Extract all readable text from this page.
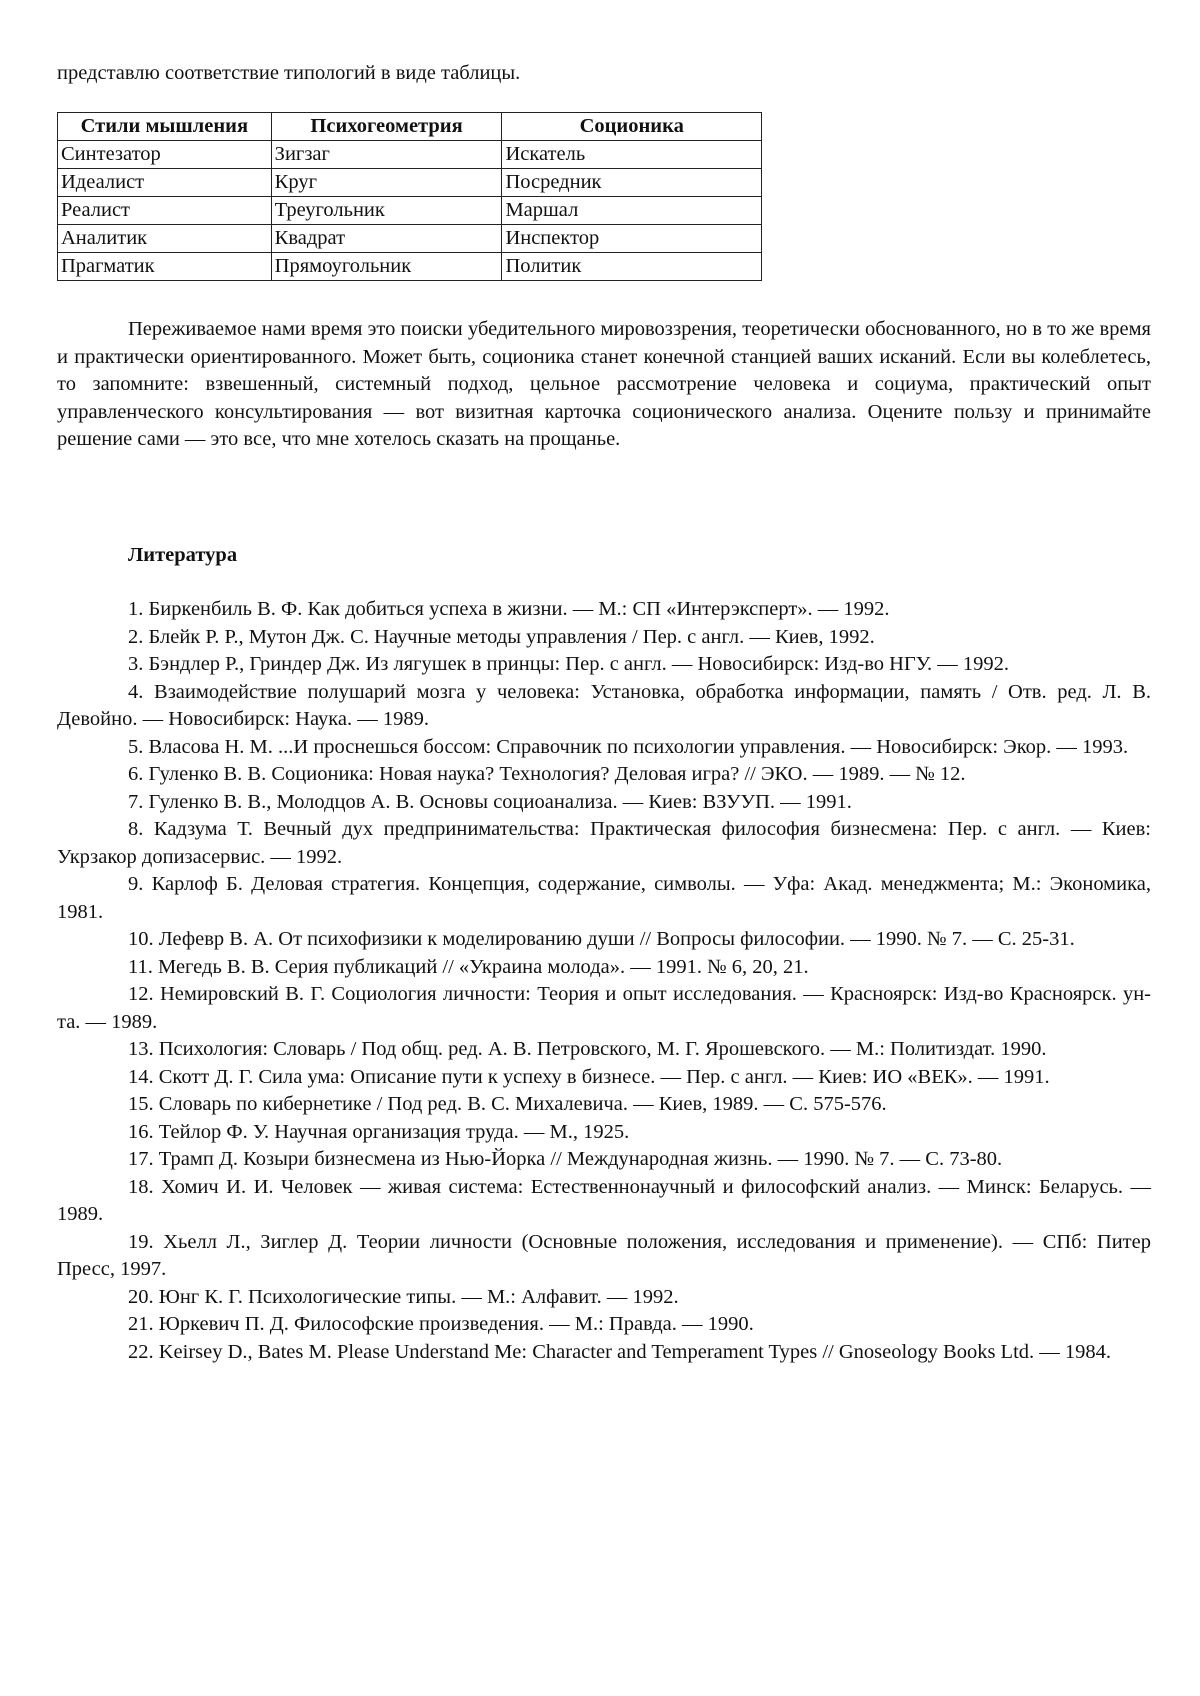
представлю соответствие типологий в виде таблицы.
Стили мышления	Психогеометрия	Соционика
Синтезатор	Зигзаг	Искатель
Идеалист	Круг	Посредник
Реалист	Треугольник	Маршал
Аналитик	Квадрат	Инспектор
Прагматик	Прямоугольник	Политик

Переживаемое нами время это поиски убедительного мировоззрения, теоретически обоснованного, но в то же время и практически ориентированного. Может быть, соционика станет конечной станцией ваших исканий. Если вы колеблетесь, то запомните: взвешенный, системный подход, цельное рассмотрение человека и социума, практический опыт управленческого консультирования — вот визитная карточка соционического анализа. Оцените пользу и принимайте решение сами — это все, что мне хотелось сказать на прощанье.

Литература

1. Биркенбиль В. Ф. Как добиться успеха в жизни. — М.: СП «Интерэксперт». — 1992.

2. Блейк Р. Р., Мутон Дж. С. Научные методы управления / Пер. с англ. — Киев, 1992.

3. Бэндлер Р., Гриндер Дж. Из лягушек в принцы: Пер. с англ. — Новосибирск: Изд-во НГУ. — 1992.

4. Взаимодействие полушарий мозга у человека: Установка, обработка информации, память / Отв. ред. Л. В. Девойно. — Новосибирск: Наука. — 1989.

5. Власова Н. М. ...И проснешься боссом: Справочник по психологии управления. — Новосибирск: Экор. — 1993.

6. Гуленко В. В. Соционика: Новая наука? Технология? Деловая игра? // ЭКО. — 1989. — № 12.

7. Гуленко В. В., Молодцов А. В. Основы социоанализа. — Киев: ВЗУУП. — 1991.

8. Кадзума Т. Вечный дух предпринимательства: Практическая философия бизнесмена: Пер. с англ. — Киев: Укрзакор допизасервис. — 1992.

9. Карлоф Б. Деловая стратегия. Концепция, содержание, символы. — Уфа: Акад. менеджмента; М.: Экономика, 1981.

10. Лефевр В. А. От психофизики к моделированию души // Вопросы философии. — 1990. № 7. — С. 25-31.

11. Мегедь В. В. Серия публикаций // «Украина молода». — 1991. № 6, 20, 21.

12. Немировский В. Г. Социология личности: Теория и опыт исследования. — Красноярск: Изд-во Красноярск. ун-та. — 1989.

13. Психология: Словарь / Под общ. ред. А. В. Петровского, М. Г. Ярошевского. — М.: Политиздат. 1990.

14. Скотт Д. Г. Сила ума: Описание пути к успеху в бизнесе. — Пер. с англ. — Киев: ИО «ВЕК». — 1991.

15. Словарь по кибернетике / Под ред. В. С. Михалевича. — Киев, 1989. — С. 575-576.

16. Тейлор Ф. У. Научная организация труда. — М., 1925.

17. Трамп Д. Козыри бизнесмена из Нью-Йорка // Международная жизнь. — 1990. № 7. — С. 73-80.

18. Хомич И. И. Человек — живая система: Естественнонаучный и философский анализ. — Минск: Беларусь. — 1989.

19. Хьелл Л., Зиглер Д. Теории личности (Основные положения, исследования и применение). — СПб: Питер Пресс, 1997.

20. Юнг К. Г. Психологические типы. — М.: Алфавит. — 1992.

21. Юркевич П. Д. Философские произведения. — М.: Правда. — 1990.

22. Keirsey D., Bates M. Please Understand Me: Character and Temperament Types // Gnoseology Books Ltd. — 1984.
